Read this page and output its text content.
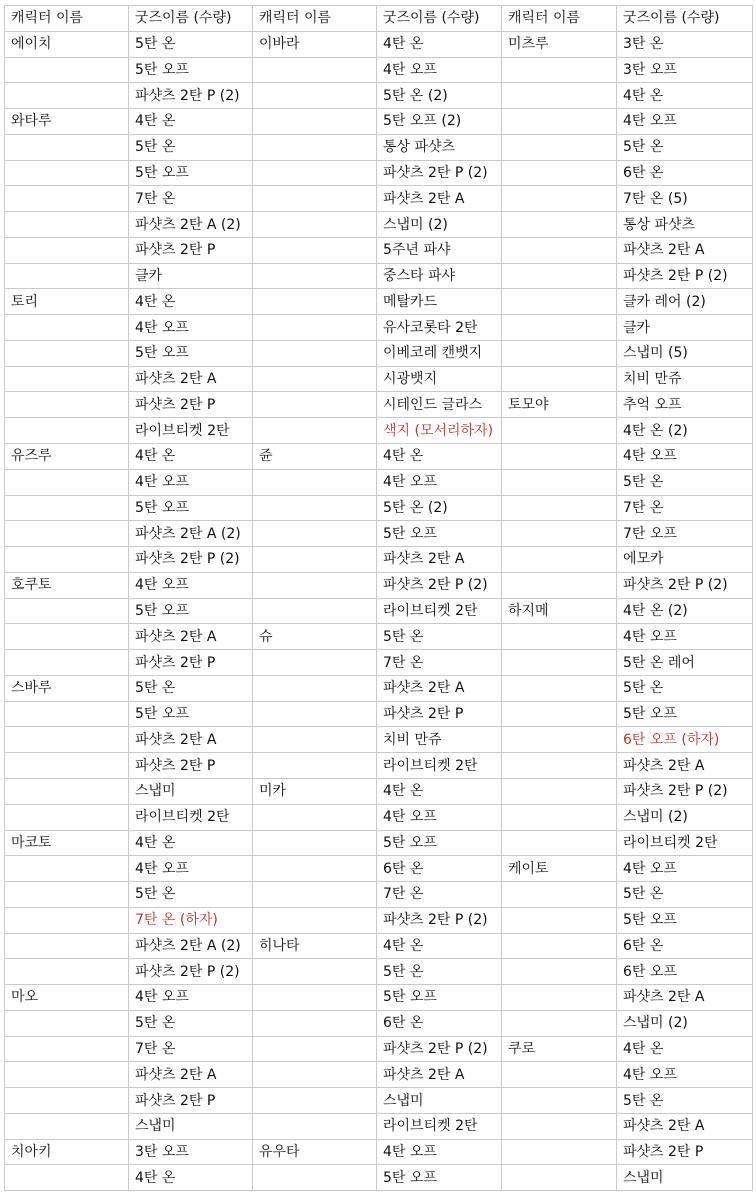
캐릭터 이름	굿즈이름 (수량)	캐릭터 이름	굿즈이름 (수량)	캐릭터 이름	굿즈이름 (수량)
에이치	5탄 온	이바라	4탄 온	미츠루	3탄 온
	5탄 오프		4탄 오프		3탄 오프
	파샷츠 2탄 P (2)		5탄 온 (2)		4탄 온
와타루	4탄 온		5탄 오프 (2)		4탄 오프
	5탄 온		통상 파샷츠		5탄 온
	5탄 오프		파샷츠 2탄 P (2)		6탄 온
	7탄 온		파샷츠 2탄 A		7탄 온 (5)
	파샷츠 2탄 A (2)		스냅미 (2)		통상 파샷츠
	파샷츠 2탄 P		5주년 파샤		파샷츠 2탄 A
	클카		중스타 파샤		파샷츠 2탄 P (2)
토리	4탄 온		메탈카드		클카 레어 (2)
	4탄 오프		유사코롯타 2탄		클카
	5탄 오프		이베코레 캔뱃지		스냅미 (5)
	파샷츠 2탄 A		시광뱃지		치비 만쥬
	파샷츠 2탄 P		시테인드 글라스	토모야	추억 오프
	라이브티켓 2탄		색지 (모서리하자)		4탄 온 (2)
유즈루	4탄 온	쥰	4탄 온		4탄 오프
	4탄 오프		4탄 오프		5탄 온
	5탄 오프		5탄 온 (2)		7탄 온
	파샷츠 2탄 A (2)		5탄 오프		7탄 오프
	파샷츠 2탄 P (2)		파샷츠 2탄 A		에모카
호쿠토	4탄 오프		파샷츠 2탄 P (2)		파샷츠 2탄 P (2)
	5탄 오프		라이브티켓 2탄	하지메	4탄 온 (2)
	파샷츠 2탄 A	슈	5탄 온		4탄 오프
	파샷츠 2탄 P		7탄 온		5탄 온 레어
스바루	5탄 온		파샷츠 2탄 A		5탄 온
	5탄 오프		파샷츠 2탄 P		5탄 오프
	파샷츠 2탄 A		치비 만쥬		6탄 오프 (하자)
	파샷츠 2탄 P		라이브티켓 2탄		파샷츠 2탄 A
	스냅미	미카	4탄 온		파샷츠 2탄 P (2)
	라이브티켓 2탄		4탄 오프		스냅미 (2)
마코토	4탄 온		5탄 오프		라이브티켓 2탄
	4탄 오프		6탄 온	케이토	4탄 오프
	5탄 온		7탄 온		5탄 온
	7탄 온 (하자)		파샷츠 2탄 P (2)		5탄 오프
	파샷츠 2탄 A (2)	히나타	4탄 온		6탄 온
	파샷츠 2탄 P (2)		5탄 온		6탄 오프
마오	4탄 오프		5탄 오프		파샷츠 2탄 A
	5탄 온		6탄 온		스냅미 (2)
	7탄 온		파샷츠 2탄 P (2)	쿠로	4탄 온
	파샷츠 2탄 A		파샷츠 2탄 A		4탄 오프
	파샷츠 2탄 P		스냅미		5탄 온
	스냅미		라이브티켓 2탄		파샷츠 2탄 A
치아키	3탄 오프	유우타	4탄 오프		파샷츠 2탄 P
	4탄 온		5탄 오프		스냅미
